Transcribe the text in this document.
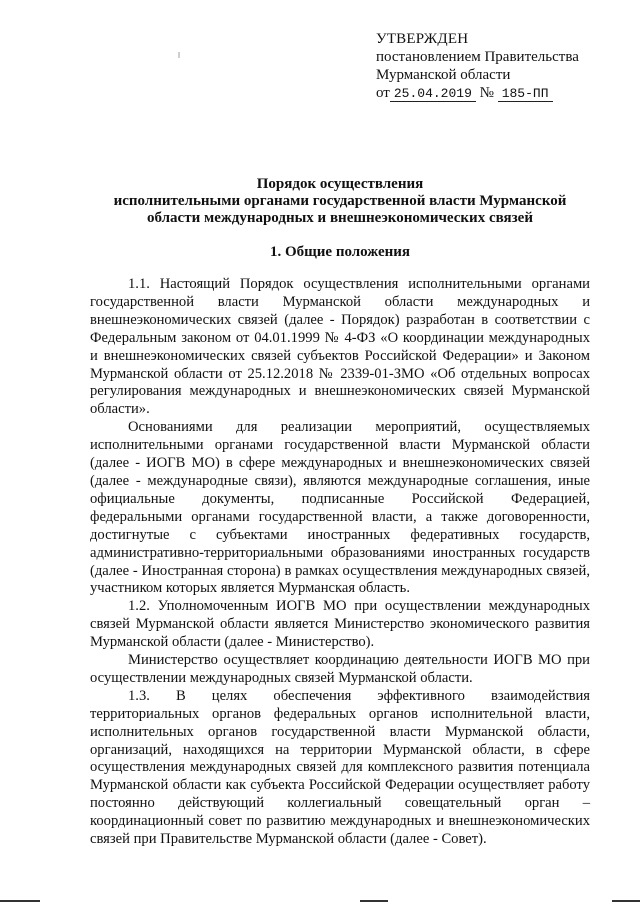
УТВЕРЖДЕН
постановлением Правительства
Мурманской области
от 25.04.2019 № 185-ПП
Порядок осуществления
исполнительными органами государственной власти Мурманской
области международных и внешнеэкономических связей
1. Общие положения

1.1. Настоящий Порядок осуществления исполнительными органами государственной власти Мурманской области международных и внешнеэкономических связей (далее - Порядок) разработан в соответствии с Федеральным законом от 04.01.1999 № 4-ФЗ «О координации международных и внешнеэкономических связей субъектов Российской Федерации» и Законом Мурманской области от 25.12.2018 № 2339-01-ЗМО «Об отдельных вопросах регулирования международных и внешнеэкономических связей Мурманской области».

Основаниями для реализации мероприятий, осуществляемых исполнительными органами государственной власти Мурманской области (далее - ИОГВ МО) в сфере международных и внешнеэкономических связей (далее - международные связи), являются международные соглашения, иные официальные документы, подписанные Российской Федерацией, федеральными органами государственной власти, а также договоренности, достигнутые с субъектами иностранных федеративных государств, административно-территориальными образованиями иностранных государств (далее - Иностранная сторона) в рамках осуществления международных связей, участником которых является Мурманская область.

1.2. Уполномоченным ИОГВ МО при осуществлении международных связей Мурманской области является Министерство экономического развития Мурманской области (далее - Министерство).

Министерство осуществляет координацию деятельности ИОГВ МО при осуществлении международных связей Мурманской области.

1.3. В целях обеспечения эффективного взаимодействия территориальных органов федеральных органов исполнительной власти, исполнительных органов государственной власти Мурманской области, организаций, находящихся на территории Мурманской области, в сфере осуществления международных связей для комплексного развития потенциала Мурманской области как субъекта Российской Федерации осуществляет работу постоянно действующий коллегиальный совещательный орган – координационный совет по развитию международных и внешнеэкономических связей при Правительстве Мурманской области (далее - Совет).
